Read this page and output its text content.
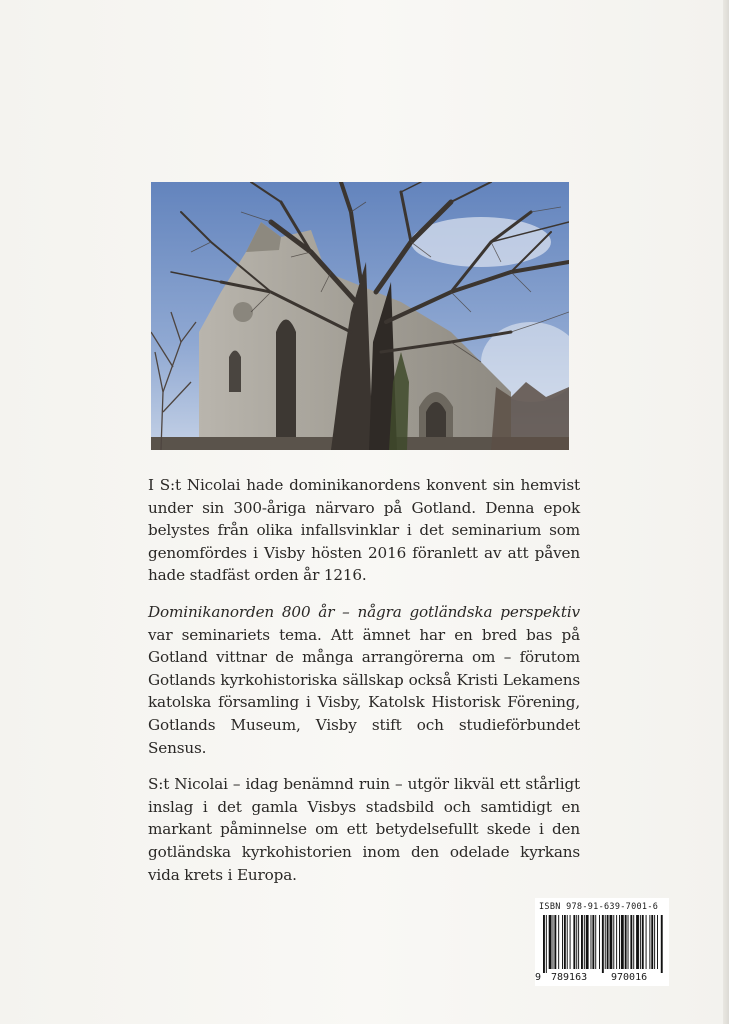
I S:t Nicolai hade dominikanordens konvent sin hemvist under sin 300-åriga närvaro på Gotland. Denna epok belystes från olika infallsvinklar i det seminarium som genomfördes i Visby hösten 2016 föranlett av att påven hade stadfäst orden år 1216.

Dominikanorden 800 år – några gotländska perspektiv var seminariets tema. Att ämnet har en bred bas på Gotland vittnar de många arrangörerna om – förutom Gotlands kyrkohistoriska sällskap också Kristi Lekamens katolska församling i Visby, Katolsk Historisk Förening, Gotlands Museum, Visby stift och studieförbundet Sensus.

S:t Nicolai – idag benämnd ruin – utgör likväl ett stårligt inslag i det gamla Visbys stadsbild och samtidigt en markant påminnelse om ett betydelsefullt skede i den gotländska kyrkohistorien inom den odelade kyrkans vida krets i Europa.

ISBN 978-91-639-7001-6
9 789163 970016
